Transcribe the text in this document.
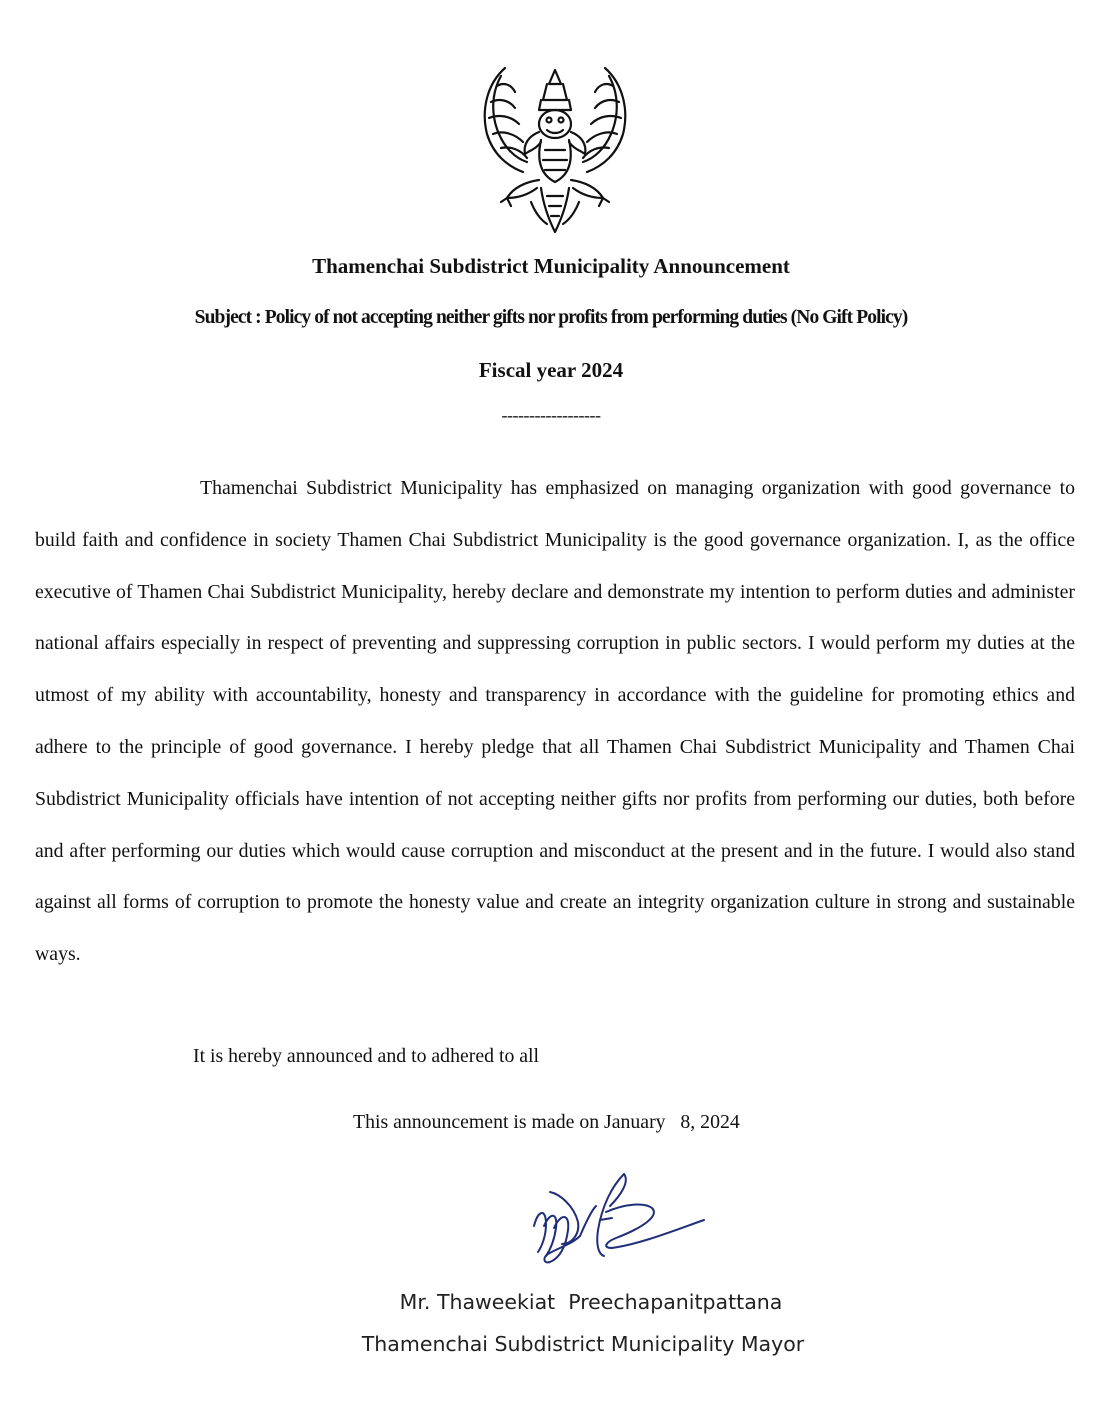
Thamenchai Subdistrict Municipality Announcement
Subject : Policy of not accepting neither gifts nor profits from performing duties (No Gift Policy)
Fiscal year 2024
------------------

Thamenchai Subdistrict Municipality has emphasized on managing organization with good governance to build faith and confidence in society Thamen Chai Subdistrict Municipality is the good governance organization. I, as the office executive of Thamen Chai Subdistrict Municipality, hereby declare and demonstrate my intention to perform duties and administer national affairs especially in respect of preventing and suppressing corruption in public sectors. I would perform my duties at the utmost of my ability with accountability, honesty and transparency in accordance with the guideline for promoting ethics and adhere to the principle of good governance. I hereby pledge that all Thamen Chai Subdistrict Municipality and Thamen Chai Subdistrict Municipality officials have intention of not accepting neither gifts nor profits from performing our duties, both before and after performing our duties which would cause corruption and misconduct at the present and in the future. I would also stand against all forms of corruption to promote the honesty value and create an integrity organization culture in strong and sustainable ways.

It is hereby announced and to adhered to all
This announcement is made on January   8, 2024
Mr. Thaweekiat  Preechapanitpattana
Thamenchai Subdistrict Municipality Mayor
